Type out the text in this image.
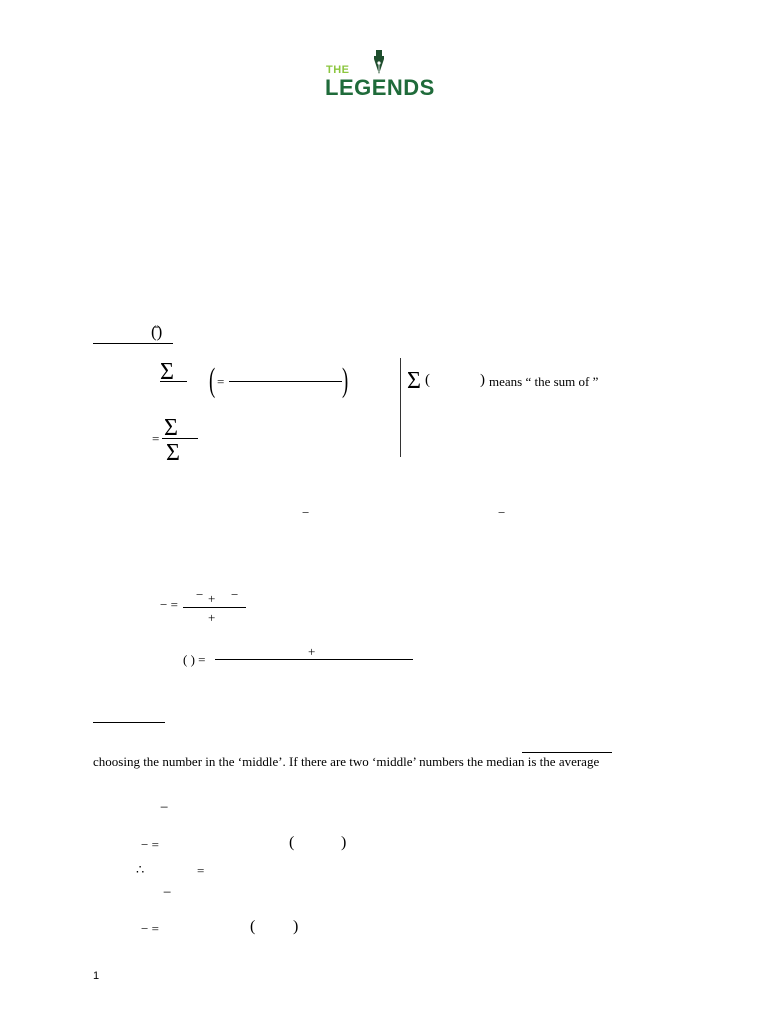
THE
LEGENDS
(̄)
Σ ( =	) Σ (	) means “ the sum of ”
= Σ
Σ
−	−
− =
− + −
+
( ) =
+
choosing the number in the ‘middle’. If there are two ‘middle’ numbers the median is the average
−
− =	(	)
∴	=
−
− =	( )
1
